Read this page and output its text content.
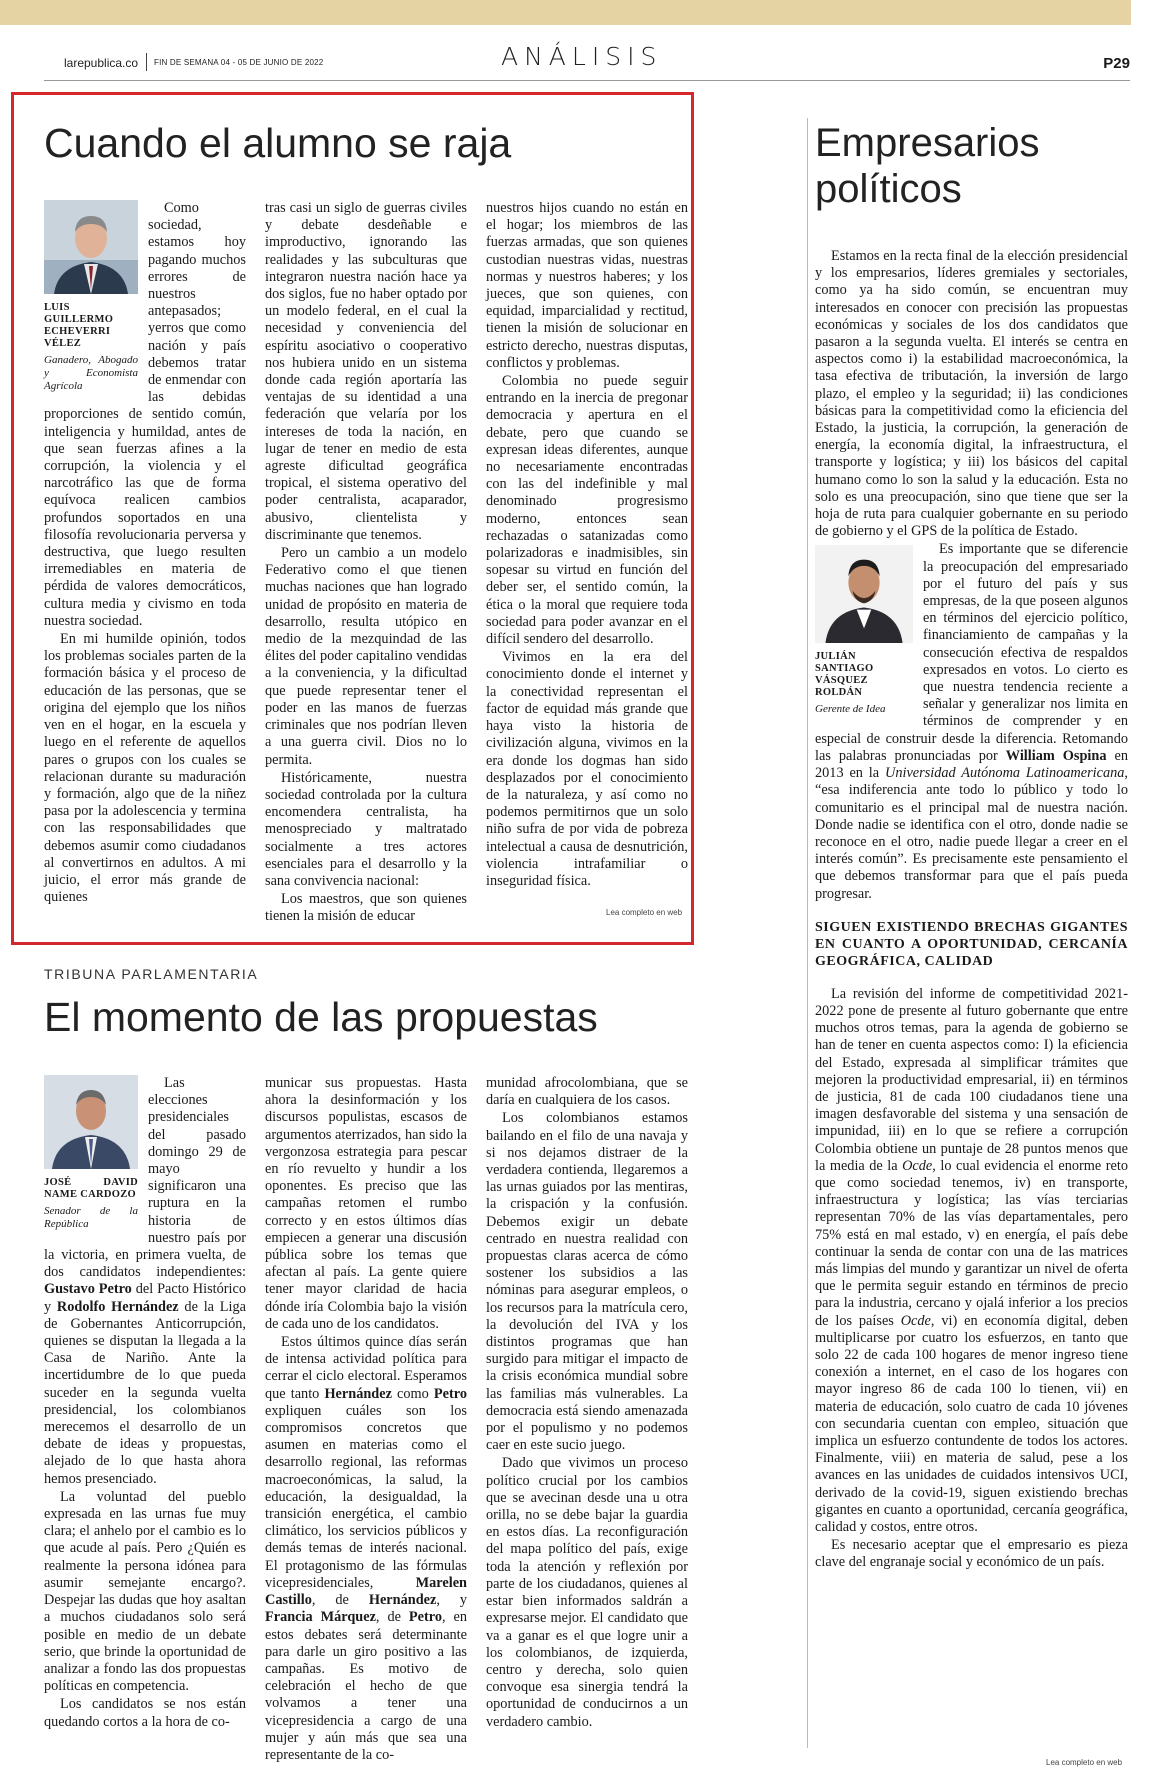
larepublica.co FIN DE SEMANA 04 - 05 DE JUNIO DE 2022	ANÁLISIS	P29
Cuando el alumno se raja
LUIS GUILLERMO ECHEVERRI VÉLEZ
Ganadero, Abogado y Economista Agrícola

Como sociedad, estamos hoy pagando muchos errores de nuestros antepasados; yerros que como nación y país debemos tratar de enmendar con las debidas proporciones de sentido común, inteligencia y humildad, antes de que sean fuerzas afines a la corrupción, la violencia y el narcotráfico las que de forma equívoca realicen cambios profundos soportados en una filosofía revolucionaria perversa y destructiva, que luego resulten irremediables en materia de pérdida de valores democráticos, cultura media y civismo en toda nuestra sociedad.

En mi humilde opinión, todos los problemas sociales parten de la formación básica y el proceso de educación de las personas, que se origina del ejemplo que los niños ven en el hogar, en la escuela y luego en el referente de aquellos pares o grupos con los cuales se relacionan durante su maduración y formación, algo que de la niñez pasa por la adolescencia y termina con las responsabilidades que debemos asumir como ciudadanos al convertirnos en adultos. A mi juicio, el error más grande de quienes

tras casi un siglo de guerras civiles y debate desdeñable e improductivo, ignorando las realidades y las subculturas que integraron nuestra nación hace ya dos siglos, fue no haber optado por un modelo federal, en el cual la necesidad y conveniencia del espíritu asociativo o cooperativo nos hubiera unido en un sistema donde cada región aportaría las ventajas de su identidad a una federación que velaría por los intereses de toda la nación, en lugar de tener en medio de esta agreste dificultad geográfica tropical, el sistema operativo del poder centralista, acaparador, abusivo, clientelista y discriminante que tenemos.

Pero un cambio a un modelo Federativo como el que tienen muchas naciones que han logrado unidad de propósito en materia de desarrollo, resulta utópico en medio de la mezquindad de las élites del poder capitalino vendidas a la conveniencia, y la dificultad que puede representar tener el poder en las manos de fuerzas criminales que nos podrían lleven a una guerra civil. Dios no lo permita.

Históricamente, nuestra sociedad controlada por la cultura encomendera centralista, ha menospreciado y maltratado socialmente a tres actores esenciales para el desarrollo y la sana convivencia nacional:

Los maestros, que son quienes tienen la misión de educar

nuestros hijos cuando no están en el hogar; los miembros de las fuerzas armadas, que son quienes custodian nuestras vidas, nuestras normas y nuestros haberes; y los jueces, que son quienes, con equidad, imparcialidad y rectitud, tienen la misión de solucionar en estricto derecho, nuestras disputas, conflictos y problemas.

Colombia no puede seguir entrando en la inercia de pregonar democracia y apertura en el debate, pero que cuando se expresan ideas diferentes, aunque no necesariamente encontradas con las del indefinible y mal denominado progresismo moderno, entonces sean rechazadas o satanizadas como polarizadoras e inadmisibles, sin sopesar su virtud en función del deber ser, el sentido común, la ética o la moral que requiere toda sociedad para poder avanzar en el difícil sendero del desarrollo.

Vivimos en la era del conocimiento donde el internet y la conectividad representan el factor de equidad más grande que haya visto la historia de civilización alguna, vivimos en la era donde los dogmas han sido desplazados por el conocimiento de la naturaleza, y así como no podemos permitirnos que un solo niño sufra de por vida de pobreza intelectual a causa de desnutrición, violencia intrafamiliar o inseguridad física.

Lea completo en web
TRIBUNA PARLAMENTARIA
El momento de las propuestas
JOSÉ DAVID NAME CARDOZO
Senador de la República

Las elecciones presidenciales del pasado domingo 29 de mayo significaron una ruptura en la historia de nuestro país por la victoria, en primera vuelta, de dos candidatos independientes: Gustavo Petro del Pacto Histórico y Rodolfo Hernández de la Liga de Gobernantes Anticorrupción, quienes se disputan la llegada a la Casa de Nariño. Ante la incertidumbre de lo que pueda suceder en la segunda vuelta presidencial, los colombianos merecemos el desarrollo de un debate de ideas y propuestas, alejado de lo que hasta ahora hemos presenciado.

La voluntad del pueblo expresada en las urnas fue muy clara; el anhelo por el cambio es lo que acude al país. Pero ¿Quién es realmente la persona idónea para asumir semejante encargo?. Despejar las dudas que hoy asaltan a muchos ciudadanos solo será posible en medio de un debate serio, que brinde la oportunidad de analizar a fondo las dos propuestas políticas en competencia.

Los candidatos se nos están quedando cortos a la hora de co-

municar sus propuestas. Hasta ahora la desinformación y los discursos populistas, escasos de argumentos aterrizados, han sido la vergonzosa estrategia para pescar en río revuelto y hundir a los oponentes. Es preciso que las campañas retomen el rumbo correcto y en estos últimos días empiecen a generar una discusión pública sobre los temas que afectan al país. La gente quiere tener mayor claridad de hacia dónde iría Colombia bajo la visión de cada uno de los candidatos.

Estos últimos quince días serán de intensa actividad política para cerrar el ciclo electoral. Esperamos que tanto Hernández como Petro expliquen cuáles son los compromisos concretos que asumen en materias como el desarrollo regional, las reformas macroeconómicas, la salud, la educación, la desigualdad, la transición energética, el cambio climático, los servicios públicos y demás temas de interés nacional. El protagonismo de las fórmulas vicepresidenciales, Marelen Castillo, de Hernández, y Francia Márquez, de Petro, en estos debates será determinante para darle un giro positivo a las campañas. Es motivo de celebración el hecho de que volvamos a tener una vicepresidencia a cargo de una mujer y aún más que sea una representante de la co-

munidad afrocolombiana, que se daría en cualquiera de los casos.

Los colombianos estamos bailando en el filo de una navaja y si nos dejamos distraer de la verdadera contienda, llegaremos a las urnas guiados por las mentiras, la crispación y la confusión. Debemos exigir un debate centrado en nuestra realidad con propuestas claras acerca de cómo sostener los subsidios a las nóminas para asegurar empleos, o los recursos para la matrícula cero, la devolución del IVA y los distintos programas que han surgido para mitigar el impacto de la crisis económica mundial sobre las familias más vulnerables. La democracia está siendo amenazada por el populismo y no podemos caer en este sucio juego.

Dado que vivimos un proceso político crucial por los cambios que se avecinan desde una u otra orilla, no se debe bajar la guardia en estos días. La reconfiguración del mapa político del país, exige toda la atención y reflexión por parte de los ciudadanos, quienes al estar bien informados saldrán a expresarse mejor. El candidato que va a ganar es el que logre unir a los colombianos, de izquierda, centro y derecha, solo quien convoque esa sinergia tendrá la oportunidad de conducirnos a un verdadero cambio.

Empresarios
políticos

Estamos en la recta final de la elección presidencial y los empresarios, líderes gremiales y sectoriales, como ya ha sido común, se encuentran muy interesados en conocer con precisión las propuestas económicas y sociales de los dos candidatos que pasaron a la segunda vuelta. El interés se centra en aspectos como i) la estabilidad macroeconómica, la tasa efectiva de tributación, la inversión de largo plazo, el empleo y la seguridad; ii) las condiciones básicas para la competitividad como la eficiencia del Estado, la justicia, la corrupción, la generación de energía, la economía digital, la infraestructura, el transporte y logística; y iii) los básicos del capital humano como lo son la salud y la educación. Esta no solo es una preocupación, sino que tiene que ser la hoja de ruta para cualquier gobernante en su periodo de gobierno y el GPS de la política de Estado.

JULIÁN SANTIAGO VÁSQUEZ ROLDÁN
Gerente de Idea

Es importante que se diferencie la preocupación del empresariado por el futuro del país y sus empresas, de la que poseen algunos en términos del ejercicio político, financiamiento de campañas y la consecución efectiva de respaldos expresados en votos. Lo cierto es que nuestra tendencia reciente a señalar y generalizar nos limita en términos de comprender y en especial de construir desde la diferencia. Retomando las palabras pronunciadas por William Ospina en 2013 en la Universidad Autónoma Latinoamericana, “esa indiferencia ante todo lo público y todo lo comunitario es el principal mal de nuestra nación. Donde nadie se identifica con el otro, donde nadie se reconoce en el otro, nadie puede llegar a creer en el interés común”. Es precisamente este pensamiento el que debemos transformar para que el país pueda progresar.

SIGUEN EXISTIENDO BRECHAS GIGANTES EN CUANTO A OPORTUNIDAD, CERCANÍA GEOGRÁFICA, CALIDAD

La revisión del informe de competitividad 2021-2022 pone de presente al futuro gobernante que entre muchos otros temas, para la agenda de gobierno se han de tener en cuenta aspectos como: I) la eficiencia del Estado, expresada al simplificar trámites que mejoren la productividad empresarial, ii) en términos de justicia, 81 de cada 100 ciudadanos tiene una imagen desfavorable del sistema y una sensación de impunidad, iii) en lo que se refiere a corrupción Colombia obtiene un puntaje de 28 puntos menos que la media de la Ocde, lo cual evidencia el enorme reto que como sociedad tenemos, iv) en transporte, infraestructura y logística; las vías terciarias representan 70% de las vías departamentales, pero 75% está en mal estado, v) en energía, el país debe continuar la senda de contar con una de las matrices más limpias del mundo y garantizar un nivel de oferta que le permita seguir estando en términos de precio para la industria, cercano y ojalá inferior a los precios de los países Ocde, vi) en economía digital, deben multiplicarse por cuatro los esfuerzos, en tanto que solo 22 de cada 100 hogares de menor ingreso tiene conexión a internet, en el caso de los hogares con mayor ingreso 86 de cada 100 lo tienen, vii) en materia de educación, solo cuatro de cada 10 jóvenes con secundaria cuentan con empleo, situación que implica un esfuerzo contundente de todos los actores. Finalmente, viii) en materia de salud, pese a los avances en las unidades de cuidados intensivos UCI, derivado de la covid-19, siguen existiendo brechas gigantes en cuanto a oportunidad, cercanía geográfica, calidad y costos, entre otros.

Es necesario aceptar que el empresario es pieza clave del engranaje social y económico de un país.

Lea completo en web
